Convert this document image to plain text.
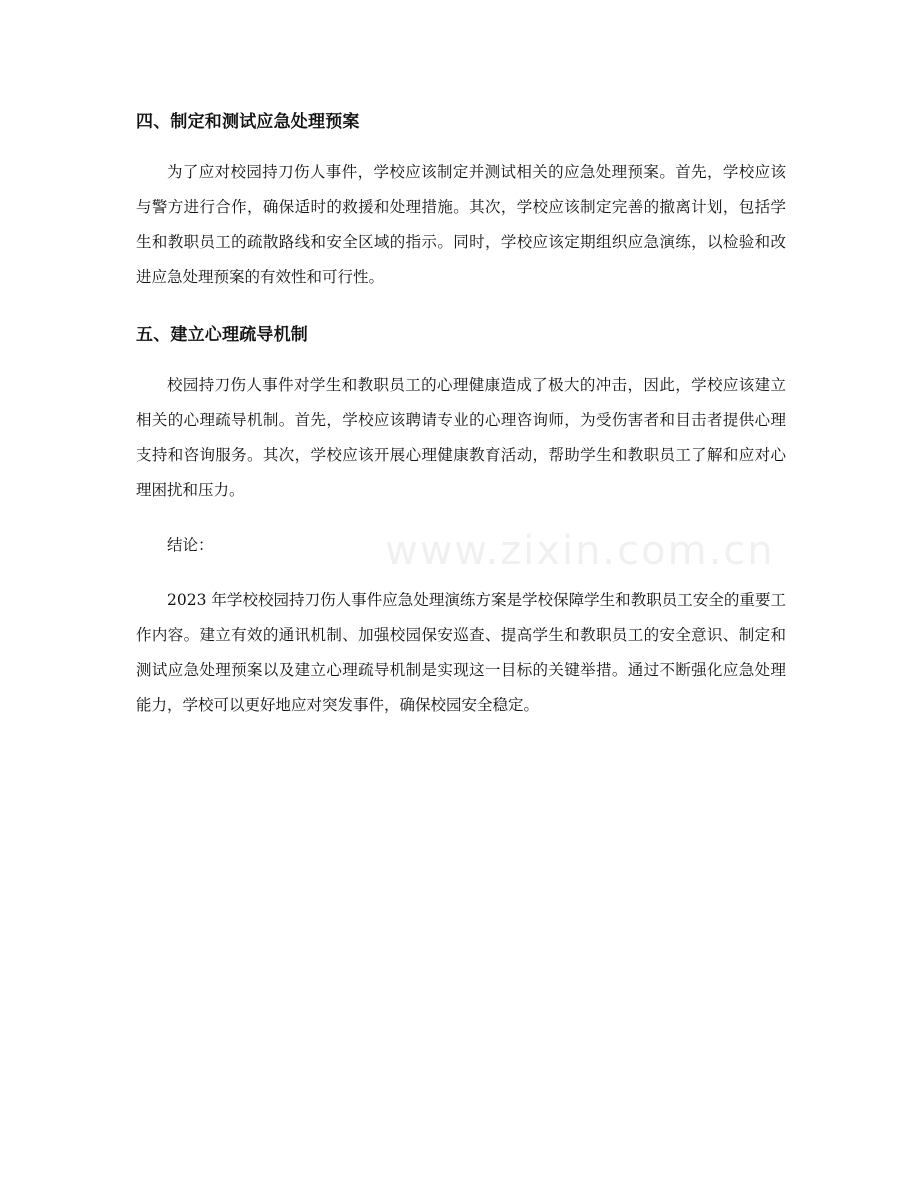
www.zixin.com.cn
四、制定和测试应急处理预案

为了应对校园持刀伤人事件，学校应该制定并测试相关的应急处理预案。首先，学校应该与警方进行合作，确保适时的救援和处理措施。其次，学校应该制定完善的撤离计划，包括学生和教职员工的疏散路线和安全区域的指示。同时，学校应该定期组织应急演练，以检验和改进应急处理预案的有效性和可行性。

五、建立心理疏导机制

校园持刀伤人事件对学生和教职员工的心理健康造成了极大的冲击，因此，学校应该建立相关的心理疏导机制。首先，学校应该聘请专业的心理咨询师，为受伤害者和目击者提供心理支持和咨询服务。其次，学校应该开展心理健康教育活动，帮助学生和教职员工了解和应对心理困扰和压力。

结论：

2023 年学校校园持刀伤人事件应急处理演练方案是学校保障学生和教职员工安全的重要工作内容。建立有效的通讯机制、加强校园保安巡查、提高学生和教职员工的安全意识、制定和测试应急处理预案以及建立心理疏导机制是实现这一目标的关键举措。通过不断强化应急处理能力，学校可以更好地应对突发事件，确保校园安全稳定。
